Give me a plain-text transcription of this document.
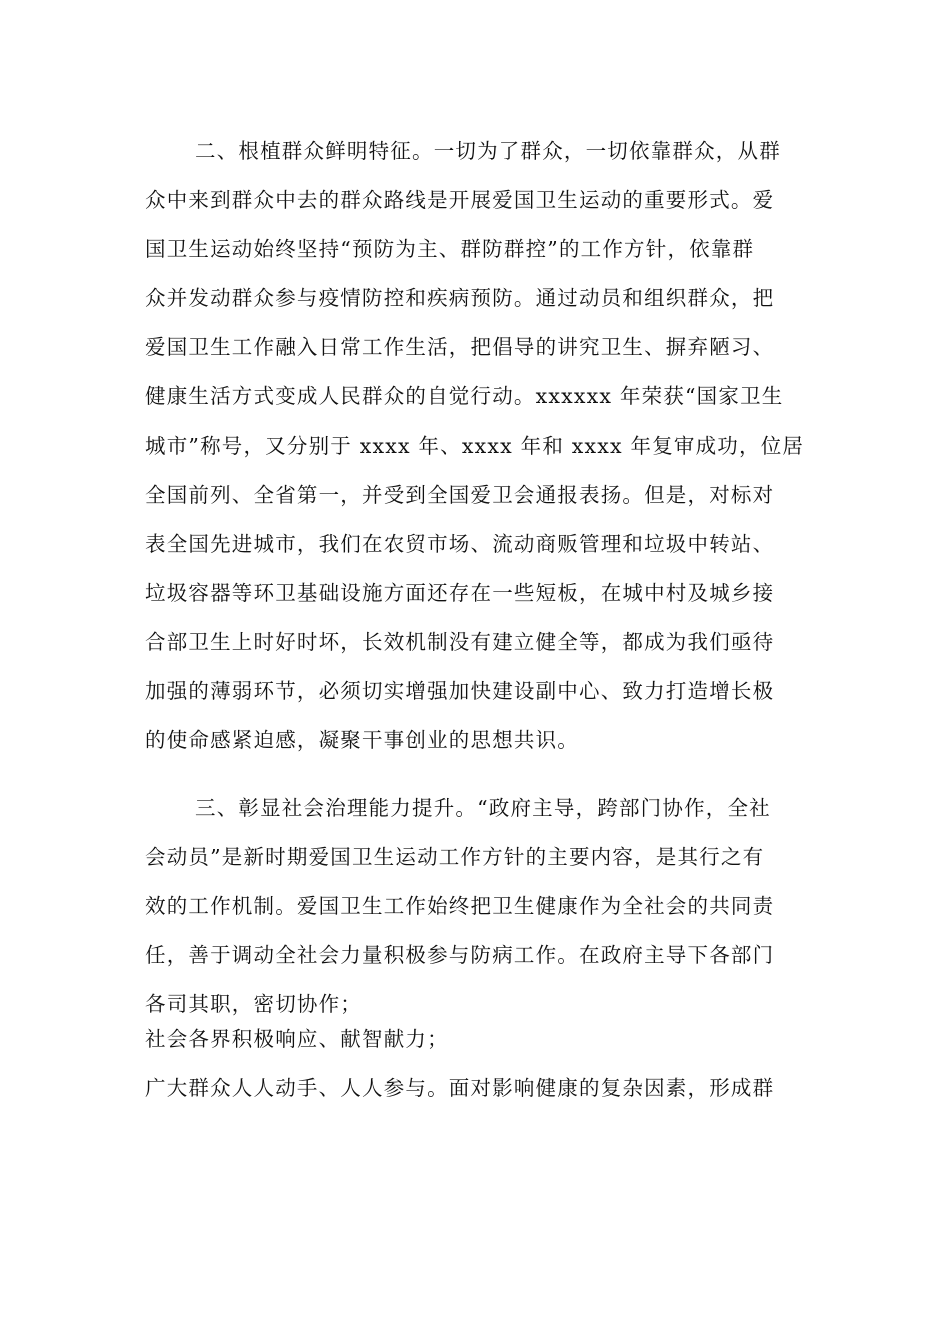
二、根植群众鲜明特征。一切为了群众，一切依靠群众，从群
众中来到群众中去的群众路线是开展爱国卫生运动的重要形式。爱
国卫生运动始终坚持“预防为主、群防群控”的工作方针，依靠群
众并发动群众参与疫情防控和疾病预防。通过动员和组织群众，把
爱国卫生工作融入日常工作生活，把倡导的讲究卫生、摒弃陋习、
健康生活方式变成人民群众的自觉行动。xxxxxx 年荣获“国家卫生
城市”称号，又分别于 xxxx 年、xxxx 年和 xxxx 年复审成功，位居
全国前列、全省第一，并受到全国爱卫会通报表扬。但是，对标对
表全国先进城市，我们在农贸市场、流动商贩管理和垃圾中转站、
垃圾容器等环卫基础设施方面还存在一些短板，在城中村及城乡接
合部卫生上时好时坏，长效机制没有建立健全等，都成为我们亟待
加强的薄弱环节，必须切实增强加快建设副中心、致力打造增长极
的使命感紧迫感，凝聚干事创业的思想共识。
三、彰显社会治理能力提升。“政府主导，跨部门协作，全社
会动员”是新时期爱国卫生运动工作方针的主要内容，是其行之有
效的工作机制。爱国卫生工作始终把卫生健康作为全社会的共同责
任，善于调动全社会力量积极参与防病工作。在政府主导下各部门
各司其职，密切协作；
社会各界积极响应、献智献力；
广大群众人人动手、人人参与。面对影响健康的复杂因素，形成群
